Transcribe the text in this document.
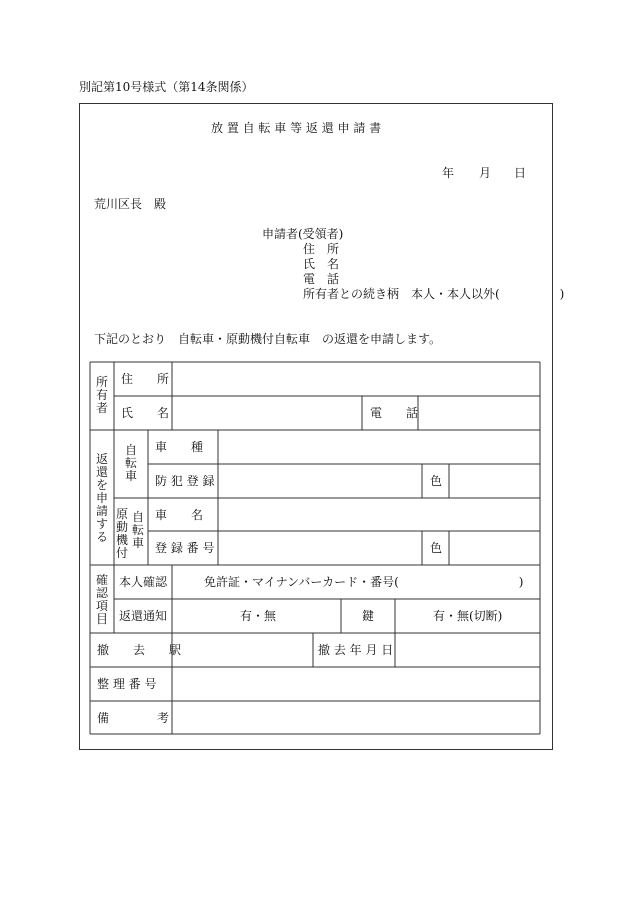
別記第10号様式（第14条関係）
放 置 自 転 車 等 返 還 申 請 書
年 月 日
荒川区長　殿
申請者(受領者)
住　所
氏　名
電　話
所有者との続き柄　本人・本人以外(　　　　　)
下記のとおり　自転車・原動機付自転車　の返還を申請します。
所有者
住　　所
氏　　名	電　　話
返還を申請する
自転車
車　　種
防 犯 登 録	色
原動機付
自転車
車　　名
登 録 番 号	色
確認項目
本人確認	免許証・マイナンバーカード・番号(　　　　　　　　　　)
返還通知	有・無	鍵	有・無(切断)
撤　　去　　駅	撤 去 年 月 日
整 理 番 号
備　　　　考
